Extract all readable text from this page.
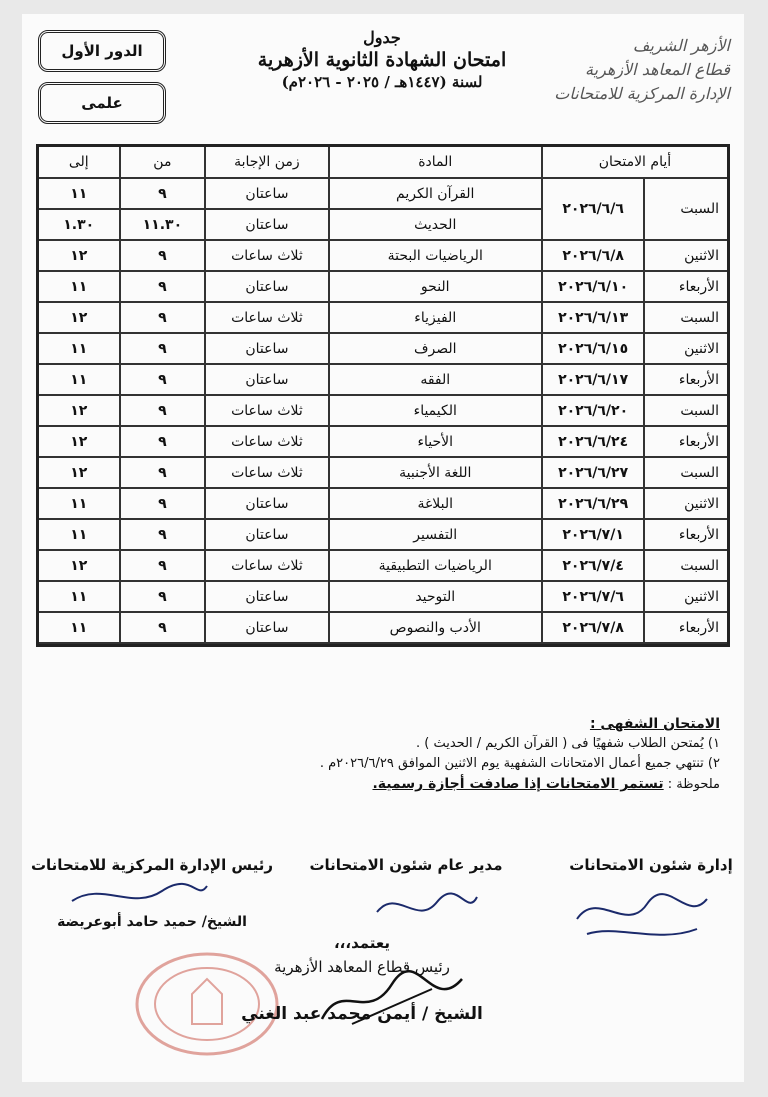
الدور الأول
علمى
جدول
امتحان الشهادة الثانوية الأزهرية
لسنة (١٤٤٧هـ / ٢٠٢٥ - ٢٠٢٦م)
الأزهر الشريف
قطاع المعاهد الأزهرية
الإدارة المركزية للامتحانات
أيام الامتحان		المادة	زمن الإجابة	من	إلى
السبت	٢٠٢٦/٦/٦	القرآن الكريم	ساعتان	٩	١١
		الحديث	ساعتان	١١.٣٠	١.٣٠
الاثنين	٢٠٢٦/٦/٨	الرياضيات البحتة	ثلاث ساعات	٩	١٢
الأربعاء	٢٠٢٦/٦/١٠	النحو	ساعتان	٩	١١
السبت	٢٠٢٦/٦/١٣	الفيزياء	ثلاث ساعات	٩	١٢
الاثنين	٢٠٢٦/٦/١٥	الصرف	ساعتان	٩	١١
الأربعاء	٢٠٢٦/٦/١٧	الفقه	ساعتان	٩	١١
السبت	٢٠٢٦/٦/٢٠	الكيمياء	ثلاث ساعات	٩	١٢
الأربعاء	٢٠٢٦/٦/٢٤	الأحياء	ثلاث ساعات	٩	١٢
السبت	٢٠٢٦/٦/٢٧	اللغة الأجنبية	ثلاث ساعات	٩	١٢
الاثنين	٢٠٢٦/٦/٢٩	البلاغة	ساعتان	٩	١١
الأربعاء	٢٠٢٦/٧/١	التفسير	ساعتان	٩	١١
السبت	٢٠٢٦/٧/٤	الرياضيات التطبيقية	ثلاث ساعات	٩	١٢
الاثنين	٢٠٢٦/٧/٦	التوحيد	ساعتان	٩	١١
الأربعاء	٢٠٢٦/٧/٨	الأدب والنصوص	ساعتان	٩	١١
الامتحان الشفهى :
١) يُمتحن الطلاب شفهيًا فى ( القرآن الكريم / الحديث ) .
٢) تنتهي جميع أعمال الامتحانات الشفهية يوم الاثنين الموافق ٢٠٢٦/٦/٢٩م .
ملحوظة : تستمر الامتحانات إذا صادفت أجازة رسمية.
إدارة شئون الامتحانات
مدير عام شئون الامتحانات
رئيس الإدارة المركزية للامتحانات
الشيخ/ حميد حامد أبوعريضة
يعتمد،،،
رئيس قطاع المعاهد الأزهرية
الشيخ / أيمن محمد عبد الغني
